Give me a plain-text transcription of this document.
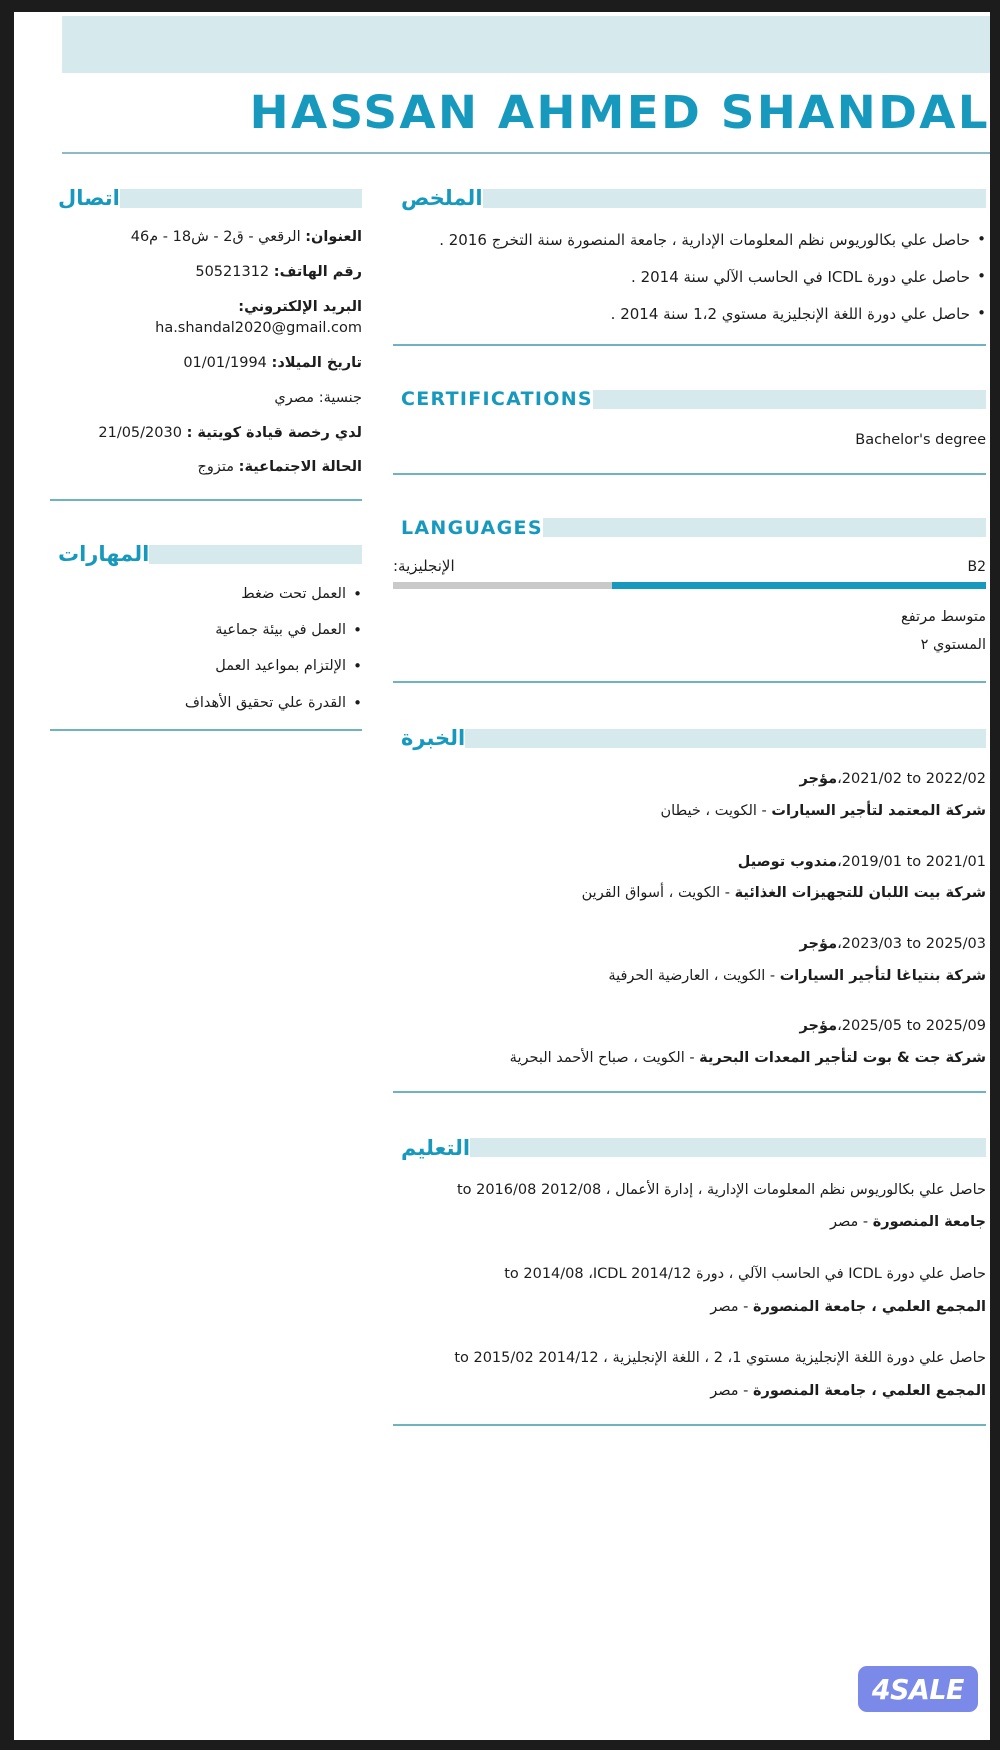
HASSAN AHMED SHANDAL
اتصال
العنوان: الرقعي - ق2 - ش18 - م46
رقم الهاتف: 50521312
البريد الإلكتروني: ha.shandal2020@gmail.com
تاريخ الميلاد: 01/01/1994
جنسية: مصري
لدي رخصة قيادة كويتية : 21/05/2030
الحالة الاجتماعية: متزوج
المهارات
• العمل تحت ضغط
• العمل في بيئة جماعية
• الإلتزام بمواعيد العمل
• القدرة علي تحقيق الأهداف
الملخص
• حاصل علي بكالوريوس نظم المعلومات الإدارية ، جامعة المنصورة سنة التخرج 2016 .
• حاصل علي دورة ICDL في الحاسب الآلي سنة 2014 .
• حاصل علي دورة اللغة الإنجليزية مستوي 1،2 سنة 2014 .
CERTIFICATIONS
Bachelor's degree
LANGUAGES
B2
الإنجليزية:
متوسط مرتفع
المستوي ٢
الخبرة
2021/02 to 2022/02،مؤجر
شركة المعتمد لتأجير السيارات - الكويت ، خيطان
2019/01 to 2021/01،مندوب توصيل
شركة بيت اللبان للتجهيزات الغذائية - الكويت ، أسواق القرين
2023/03 to 2025/03،مؤجر
شركة بنتياغا لتأجير السيارات - الكويت ، العارضية الحرفية
2025/05 to 2025/09،مؤجر
شركة جت & بوت لتأجير المعدات البحرية - الكويت ، صباح الأحمد البحرية
التعليم
حاصل علي بكالوريوس نظم المعلومات الإدارية ، إدارة الأعمال ، 2012/08 to 2016/08
جامعة المنصورة - مصر
حاصل علي دورة ICDL في الحاسب الآلي ، دورة 2014/12 to 2014/08 ،ICDL
المجمع العلمي ، جامعة المنصورة - مصر
حاصل علي دورة اللغة الإنجليزية مستوي 1، 2 ، اللغة الإنجليزية ، 2014/12 to 2015/02
المجمع العلمي ، جامعة المنصورة - مصر
4SALE
